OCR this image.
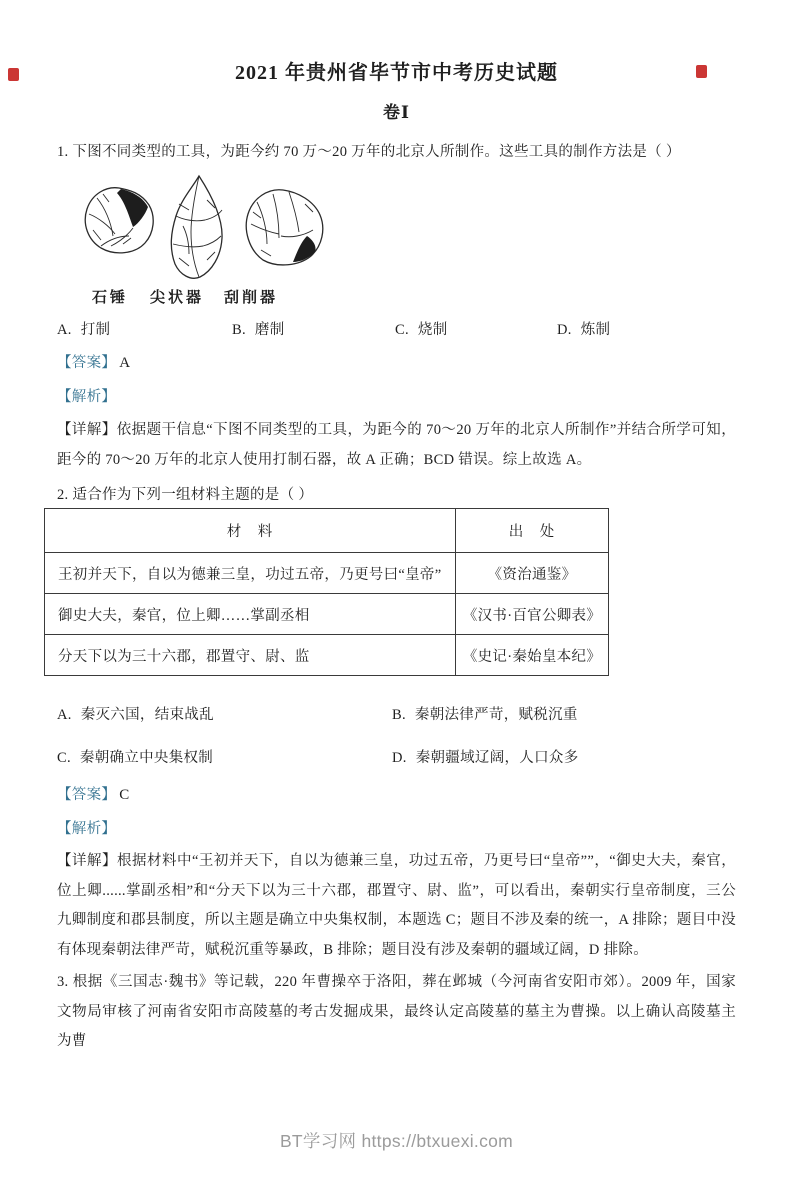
2021 年贵州省毕节市中考历史试题
卷Ⅰ
1. 下图不同类型的工具，为距今约 70 万～20 万年的北京人所制作。这些工具的制作方法是（ ）
石锤 尖状器 刮削器
A. 打制	B. 磨制	C. 烧制	D. 炼制
【答案】 A
【解析】
【详解】依据题干信息“下图不同类型的工具，为距今的 70～20 万年的北京人所制作”并结合所学可知，距今的 70～20 万年的北京人使用打制石器，故 A 正确；BCD 错误。综上故选 A。
2. 适合作为下列一组材料主题的是（ ）
材　料	出　处
王初并天下，自以为德兼三皇，功过五帝，乃更号曰“皇帝”	《资治通鉴》
御史大夫，秦官，位上卿……掌副丞相	《汉书·百官公卿表》
分天下以为三十六郡，郡置守、尉、监	《史记·秦始皇本纪》
A. 秦灭六国，结束战乱	B. 秦朝法律严苛，赋税沉重
C. 秦朝确立中央集权制	D. 秦朝疆域辽阔，人口众多
【答案】 C
【解析】
【详解】根据材料中“王初并天下，自以为德兼三皇，功过五帝，乃更号曰“皇帝””，“御史大夫，秦官，位上卿......掌副丞相”和“分天下以为三十六郡，郡置守、尉、监”，可以看出，秦朝实行皇帝制度，三公九卿制度和郡县制度，所以主题是确立中央集权制，本题选 C；题目不涉及秦的统一，A 排除；题目中没有体现秦朝法律严苛，赋税沉重等暴政，B 排除；题目没有涉及秦朝的疆域辽阔，D 排除。
3. 根据《三国志·魏书》等记载，220 年曹操卒于洛阳，葬在邺城（今河南省安阳市郊）。2009 年，国家文物局审核了河南省安阳市高陵墓的考古发掘成果，最终认定高陵墓的墓主为曹操。以上确认高陵墓主为曹
BT学习网 https://btxuexi.com
